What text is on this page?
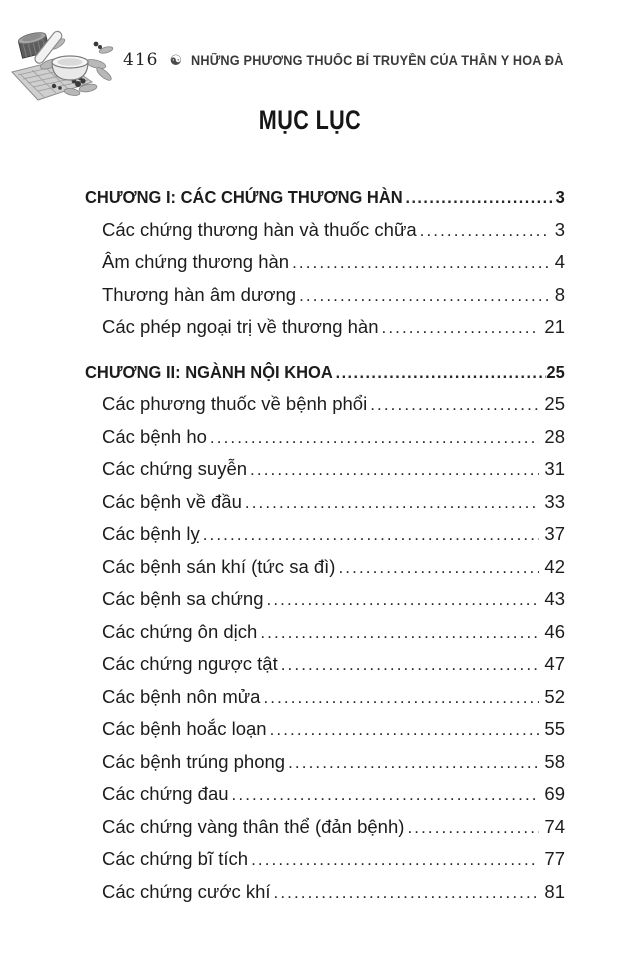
416 ☯ NHỮNG PHƯƠNG THUỐC BÍ TRUYỀN CỦA THẦN Y HOA ĐÀ
MỤC LỤC
CHƯƠNG I: CÁC CHỨNG THƯƠNG HÀN .....	3
Các chứng thương hàn và thuốc chữa .....	3
Âm chứng thương hàn .....	4
Thương hàn âm dương .....	8
Các phép ngoại trị về thương hàn .....	21
CHƯƠNG II: NGÀNH NỘI KHOA .....	25
Các phương thuốc về bệnh phổi .....	25
Các bệnh ho .....	28
Các chứng suyễn .....	31
Các bệnh về đầu .....	33
Các bệnh lỵ .....	37
Các bệnh sán khí (tức sa đì) .....	42
Các bệnh sa chứng .....	43
Các chứng ôn dịch .....	46
Các chứng ngược tật .....	47
Các bệnh nôn mửa .....	52
Các bệnh hoắc loạn .....	55
Các bệnh trúng phong .....	58
Các chứng đau .....	69
Các chứng vàng thân thể (đản bệnh) .....	74
Các chứng bĩ tích .....	77
Các chứng cước khí .....	81
